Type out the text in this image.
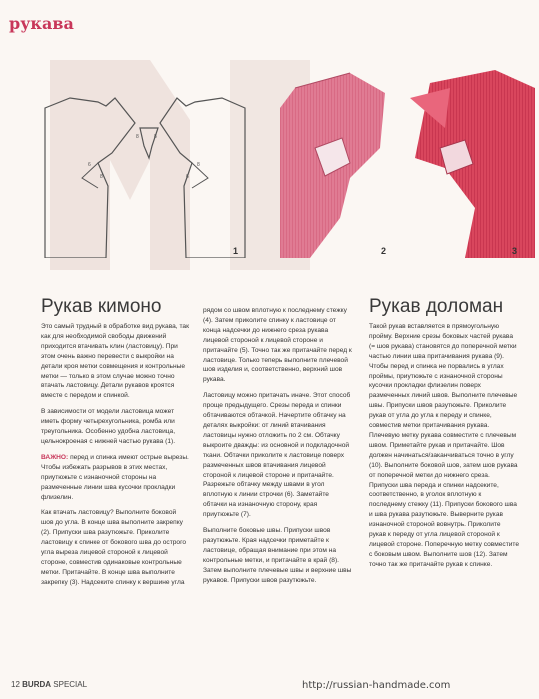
рукава
6
8
8	8
8
6
1	2	3
Рукав кимоно

Это самый трудный в обработке вид рукава, так как для необходимой свободы движений приходится втачивать клин (ластовицу). При этом очень важно перевести с выкройки на детали кроя метки совмещения и контрольные метки — только в этом случае можно точно втачать ластовицу. Детали рукавов кроятся вместе с передом и спинкой.

В зависимости от модели ластовица может иметь форму четырехугольника, ромба или треугольника. Особенно удобна ластовица, цельнокроеная с нижней частью рукава (1).

ВАЖНО: перед и спинка имеют острые вырезы. Чтобы избежать разрывов в этих местах, приутюжьте с изнаночной стороны на размеченные линии шва кусочки прокладки флизелин.

Как втачать ластовицу? Выполните боковой шов до угла. В конце шва выполните закрепку (2). Припуски шва разутюжьте. Приколите ластовицу к спинке от бокового шва до острого угла выреза лицевой стороной к лицевой стороне, совместив одинаковые контрольные метки. Притачайте. В конце шва выполните закрепку (3). Надсеките спинку к вершине угла

рядом со швом вплотную к последнему стежку (4). Затем приколите спинку к ластовице от конца надсечки до нижнего среза рукава лицевой стороной к лицевой стороне и притачайте (5). Точно так же притачайте перед к ластовице. Только теперь выполните плечевой шов изделия и, соответственно, верхний шов рукава.

Ластовицу можно притачать иначе. Этот способ проще предыдущего. Срезы переда и спинки обтачиваются обтачкой. Начертите обтачку на деталях выкройки: от линий втачивания ластовицы нужно отложить по 2 см. Обтачку выкроите дважды: из основной и подкладочной ткани. Обтачки приколите к ластовице поверх размеченных швов втачивания лицевой стороной к лицевой стороне и притачайте. Разрежьте обтачку между швами в угол вплотную к линии строчки (6). Заметайте обтачки на изнаночную сторону, края приутюжьте (7).

Выполните боковые швы. Припуски швов разутюжьте. Края надсечки приметайте к ластовице, обращая внимание при этом на контрольные метки, и притачайте в край (8). Затем выполните плечевые швы и верхние швы рукавов. Припуски швов разутюжьте.

Рукав доломан

Такой рукав вставляется в прямоугольную пройму. Верхние срезы боковых частей рукава (= шов рукава) становятся до поперечной метки частью линии шва притачивания рукава (9). Чтобы перед и спинка не порвались в углах проймы, приутюжьте с изнаночной стороны кусочки прокладки флизелин поверх размеченных линий швов. Выполните плечевые швы. Припуски швов разутюжьте. Приколите рукав от угла до угла к переду и спинке, совместив метки притачивания рукава. Плечевую метку рукава совместите с плечевым швом. Приметайте рукав и притачайте. Шов должен начинаться/заканчиваться точно в углу (10). Выполните боковой шов, затем шов рукава от поперечной метки до нижнего среза. Припуски шва переда и спинки надсеките, соответственно, в уголок вплотную к последнему стежку (11). Припуски бокового шва и шва рукава разутюжьте. Выверните рукав изнаночной стороной вовнутрь. Приколите рукав к переду от угла лицевой стороной к лицевой стороне. Поперечную метку совместите с боковым швом. Выполните шов (12). Затем точно так же притачайте рукав к спинке.

12 BURDA SPECIAL	http://russian-handmade.com
